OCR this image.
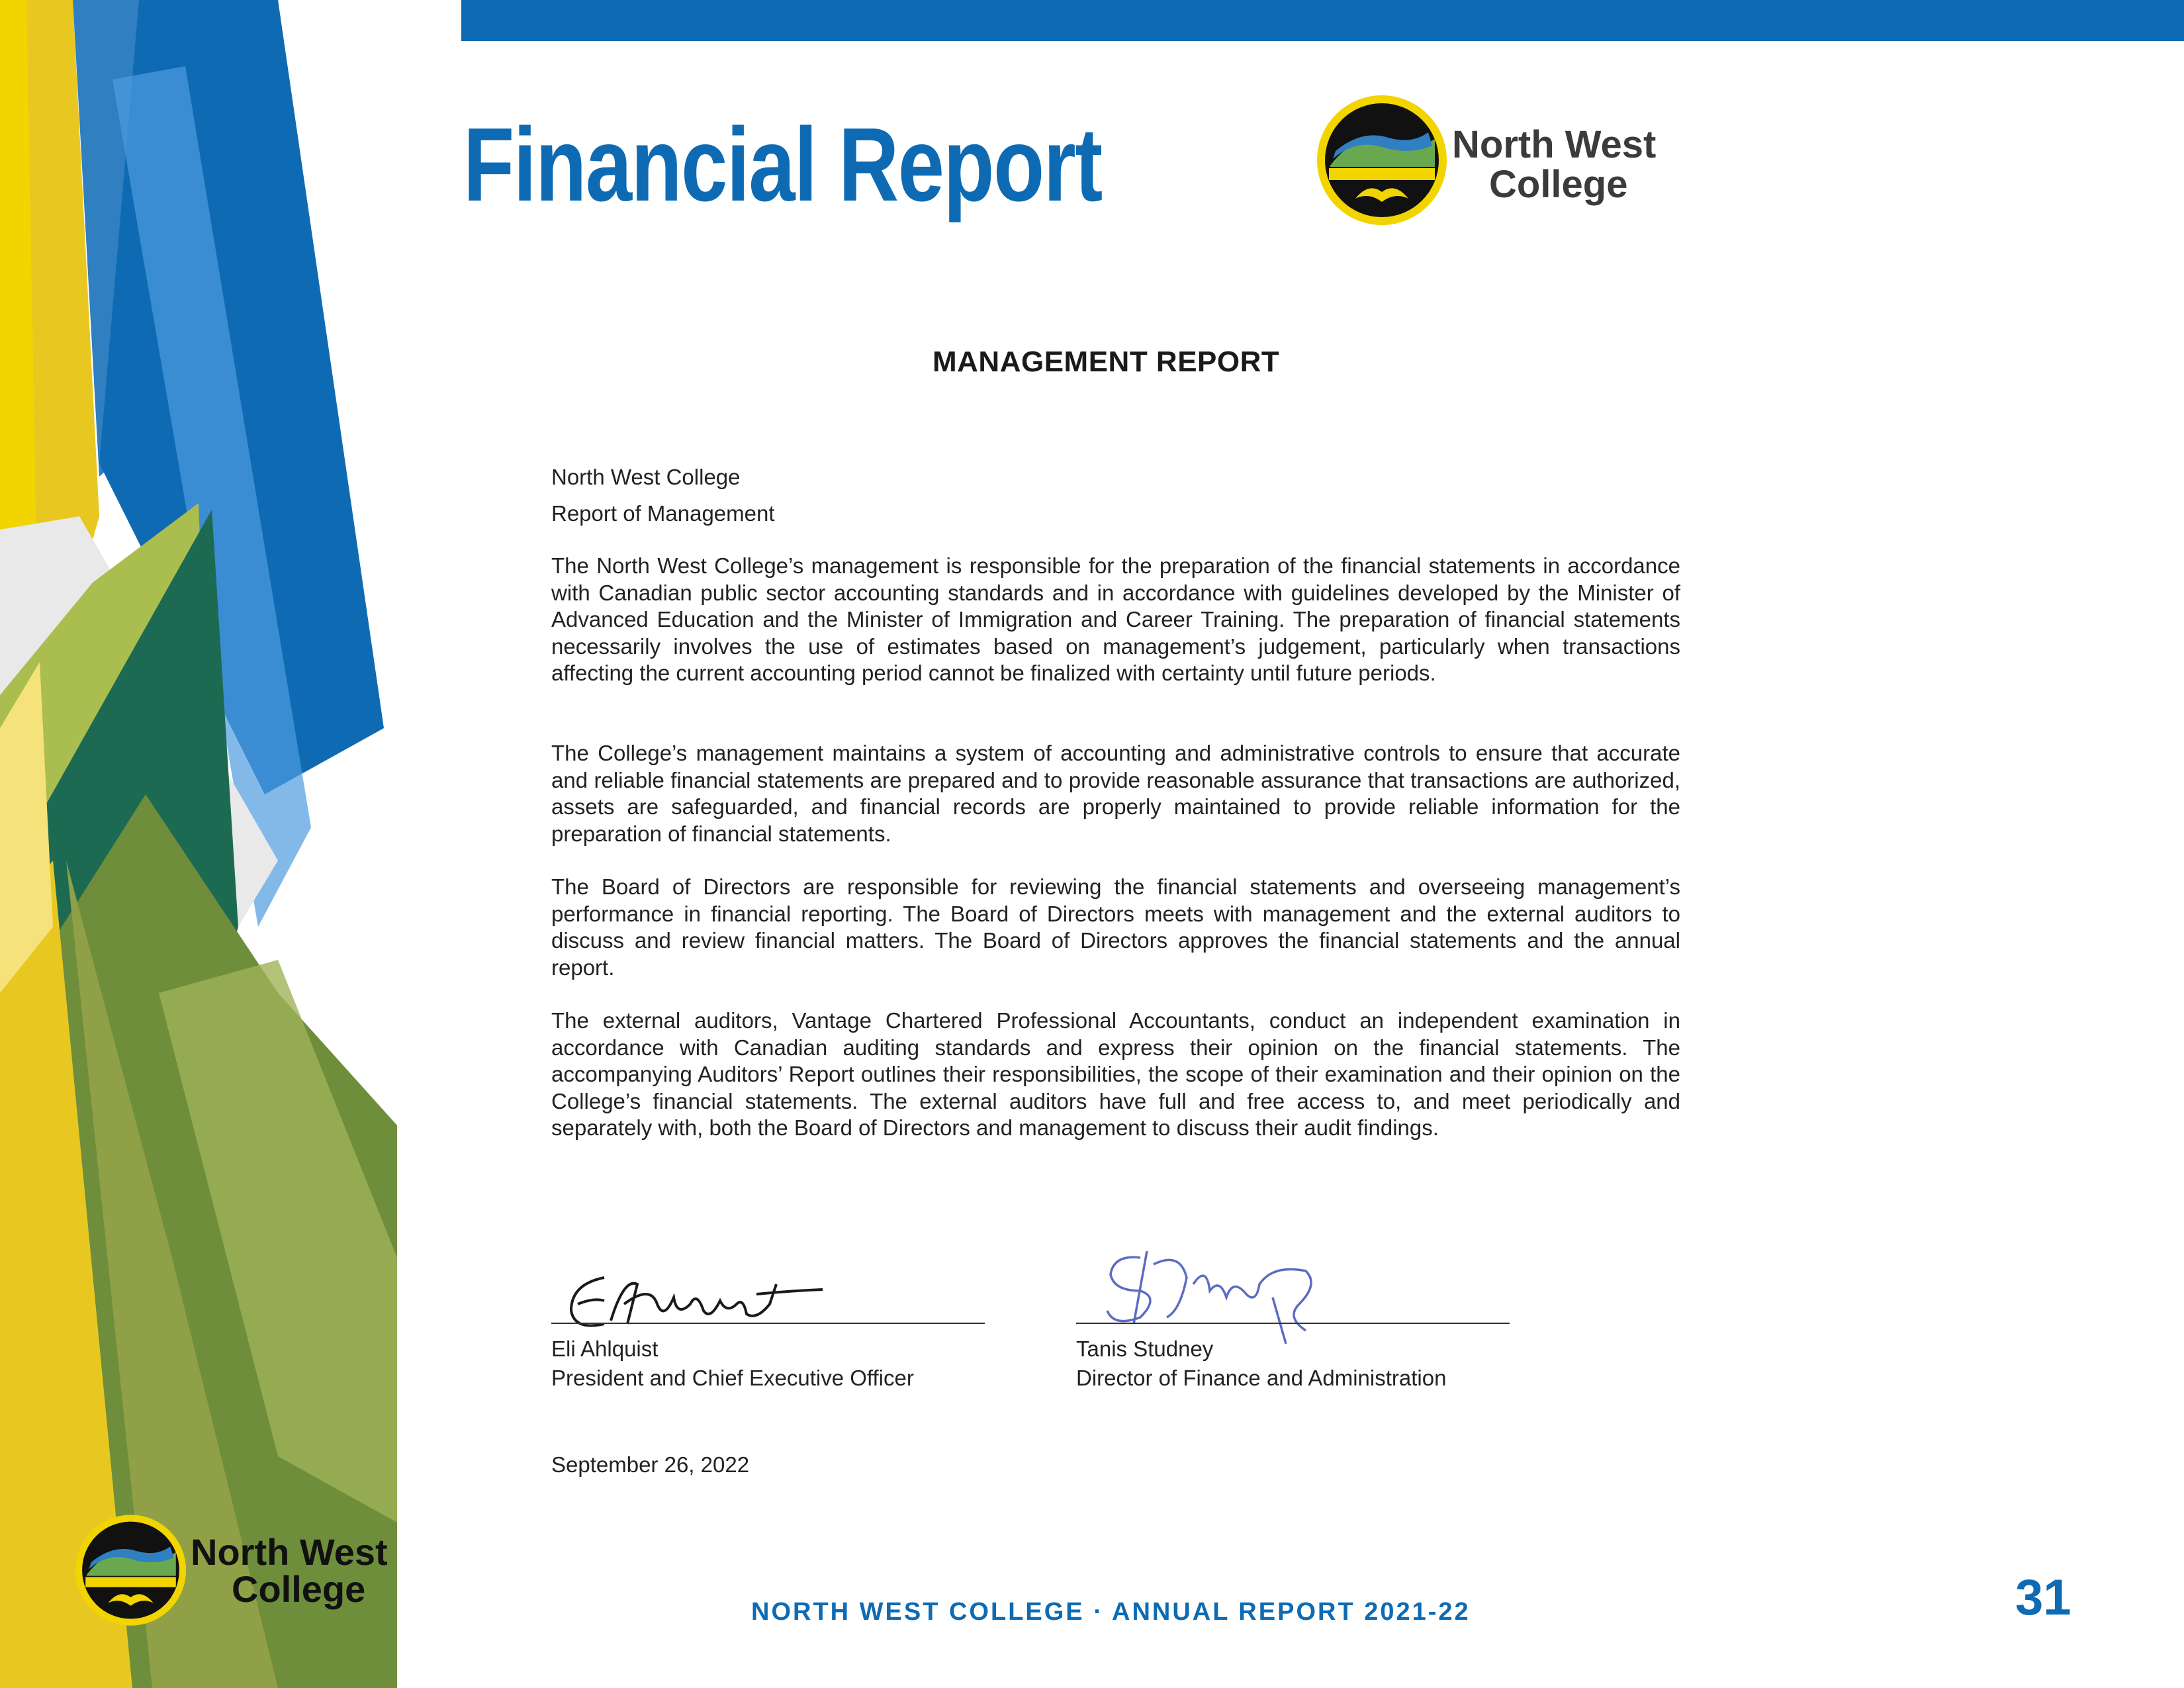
Financial Report	North West
College
MANAGEMENT REPORT
North West College
Report of Management

The North West College’s management is responsible for the preparation of the financial statements in accordance with Canadian public sector accounting standards and in accordance with guidelines developed by the Minister of Advanced Education and the Minister of Immigration and Career Training. The preparation of financial statements necessarily involves the use of estimates based on management’s judgement, particularly when transactions affecting the current accounting period cannot be finalized with certainty until future periods.

The College’s management maintains a system of accounting and administrative controls to ensure that accurate and reliable financial statements are prepared and to provide reasonable assurance that transactions are authorized, assets are safeguarded, and financial records are properly maintained to provide reliable information for the preparation of financial statements.

The Board of Directors are responsible for reviewing the financial statements and overseeing management’s performance in financial reporting. The Board of Directors meets with management and the external auditors to discuss and review financial matters. The Board of Directors approves the financial statements and the annual report.

The external auditors, Vantage Chartered Professional Accountants, conduct an independent examination in accordance with Canadian auditing standards and express their opinion on the financial statements. The accompanying Auditors’ Report outlines their responsibilities, the scope of their examination and their opinion on the College’s financial statements. The external auditors have full and free access to, and meet periodically and separately with, both the Board of Directors and management to discuss their audit findings.

Eli Ahlquist
President and Chief Executive Officer
Tanis Studney
Director of Finance and Administration
September 26, 2022
North West
College
NORTH WEST COLLEGE · ANNUAL REPORT 2021-22	31
